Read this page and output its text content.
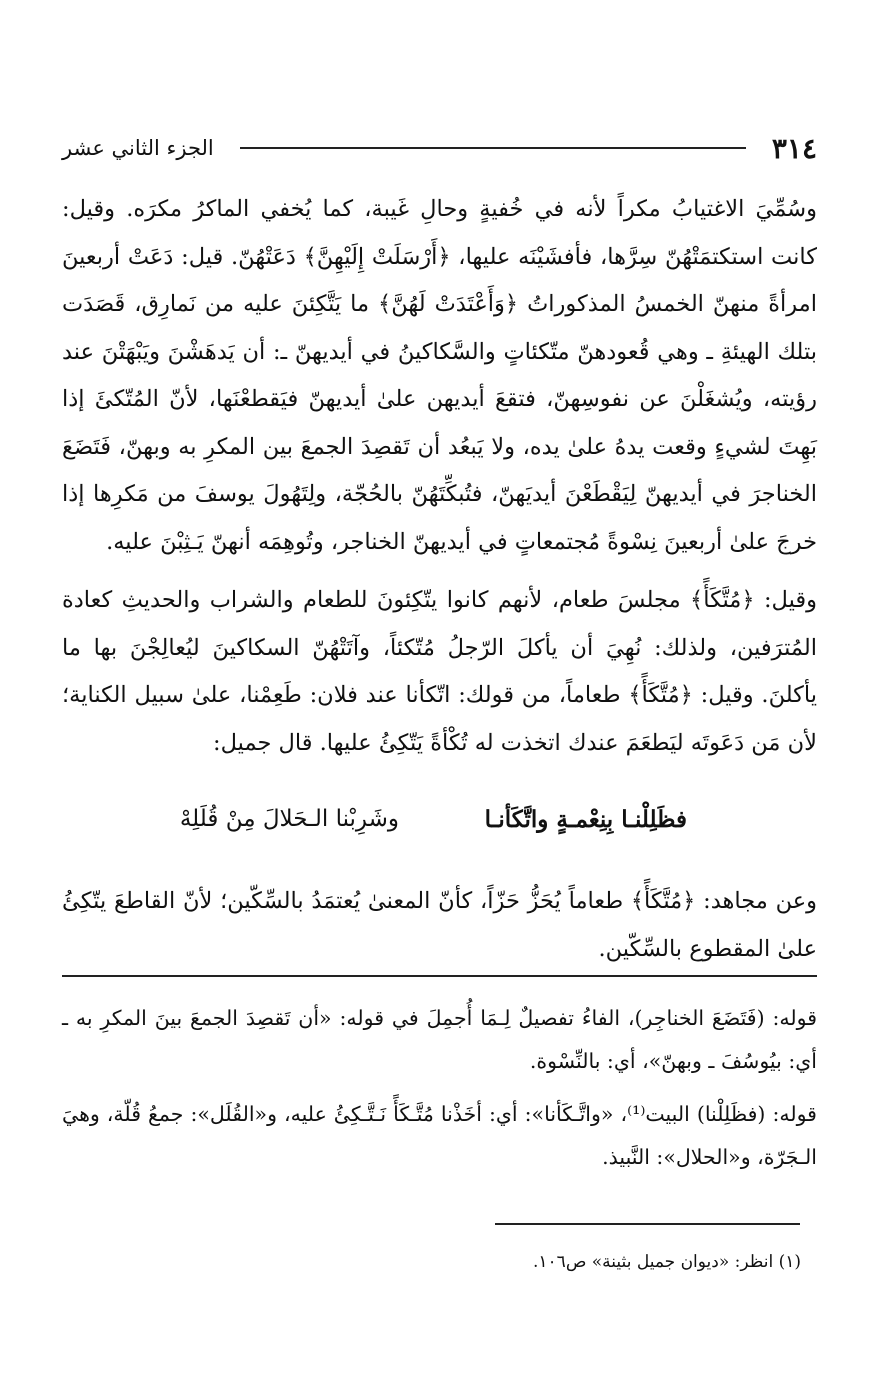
٣١٤
الجزء الثاني عشر

وسُمِّيَ الاغتيابُ مكراً لأنه في خُفيةٍ وحالِ غَيبة، كما يُخفي الماكرُ مكرَه. وقيل: كانت استكتمَتْهُنّ سِرَّها، فأفشَيْنَه عليها، ﴿أَرْسَلَتْ إِلَيْهِنَّ﴾ دَعَتْهُنّ. قيل: دَعَتْ أربعينَ امرأةً منهنّ الخمسُ المذكوراتُ ﴿وَأَعْتَدَتْ لَهُنَّ﴾ ما يَتَّكِئنَ عليه من نَمارِق، قَصَدَت بتلك الهيئةِ ـ وهي قُعودهنّ متّكئاتٍ والسَّكاكينُ في أيديهنّ ـ: أن يَدهَشْنَ ويَبْهَتْنَ عند رؤيته، ويُشغَلْنَ عن نفوسِهنّ، فتقعَ أيديهن علىٰ أيديهنّ فيَقطعْنَها، لأنّ المُتّكئَ إذا بَهِتَ لشيءٍ وقعت يدهُ علىٰ يده، ولا يَبعُد أن تَقصِدَ الجمعَ بين المكرِ به وبهنّ، فَتَضَعَ الخناجرَ في أيديهنّ لِيَقْطَعْنَ أيديَهنّ، فتُبكِّتَهُنّ بالحُجّة، ولِتَهُولَ يوسفَ من مَكرِها إذا خرجَ علىٰ أربعينَ نِسْوةً مُجتمعاتٍ في أيديهنّ الخناجر، وتُوهِمَه أنهنّ يَـثِبْنَ عليه.

وقيل: ﴿مُتَّكَأً﴾ مجلسَ طعام، لأنهم كانوا يتّكِئونَ للطعام والشراب والحديثِ كعادة المُترَفين، ولذلك: نُهِيَ أن يأكلَ الرّجلُ مُتّكئاً، وآتَتْهُنّ السكاكينَ ليُعالِجْنَ بها ما يأكلنَ. وقيل: ﴿مُتَّكَأً﴾ طعاماً، من قولك: اتّكأنا عند فلان: طَعِمْنا، علىٰ سبيل الكناية؛ لأن مَن دَعَوتَه ليَطعَمَ عندك اتخذت له تُكْأةً يَتّكِئُ عليها. قال جميل:

فظَلِلْنـا بِنِعْمـةٍ واتَّكَأنـا
وشَرِبْنا الـحَلالَ مِنْ قُلَلِهْ

وعن مجاهد: ﴿مُتَّكَأً﴾ طعاماً يُحَزُّ حَزّاً، كأنّ المعنىٰ يُعتمَدُ بالسِّكّين؛ لأنّ القاطعَ يتّكِئُ علىٰ المقطوع بالسِّكّين.

قوله: (فَتَضَعَ الخناجِر)، الفاءُ تفصيلٌ لِـمَا أُجمِلَ في قوله: «أن تَقصِدَ الجمعَ بينَ المكرِ به ـ أي: بيُوسُفَ ـ وبهنّ»، أي: بالنِّسْوة.

قوله: (فظَلِلْنا) البيت⁽¹⁾، «واتَّـكَأنا»: أي: أخَذْنا مُتَّـكَأً نَـتَّـكِئُ عليه، و«القُلَل»: جمعُ قُلّة، وهيَ الـجَرّة، و«الحلال»: النَّبيذ.

(١) انظر: «ديوان جميل بثينة» ص١٠٦.
